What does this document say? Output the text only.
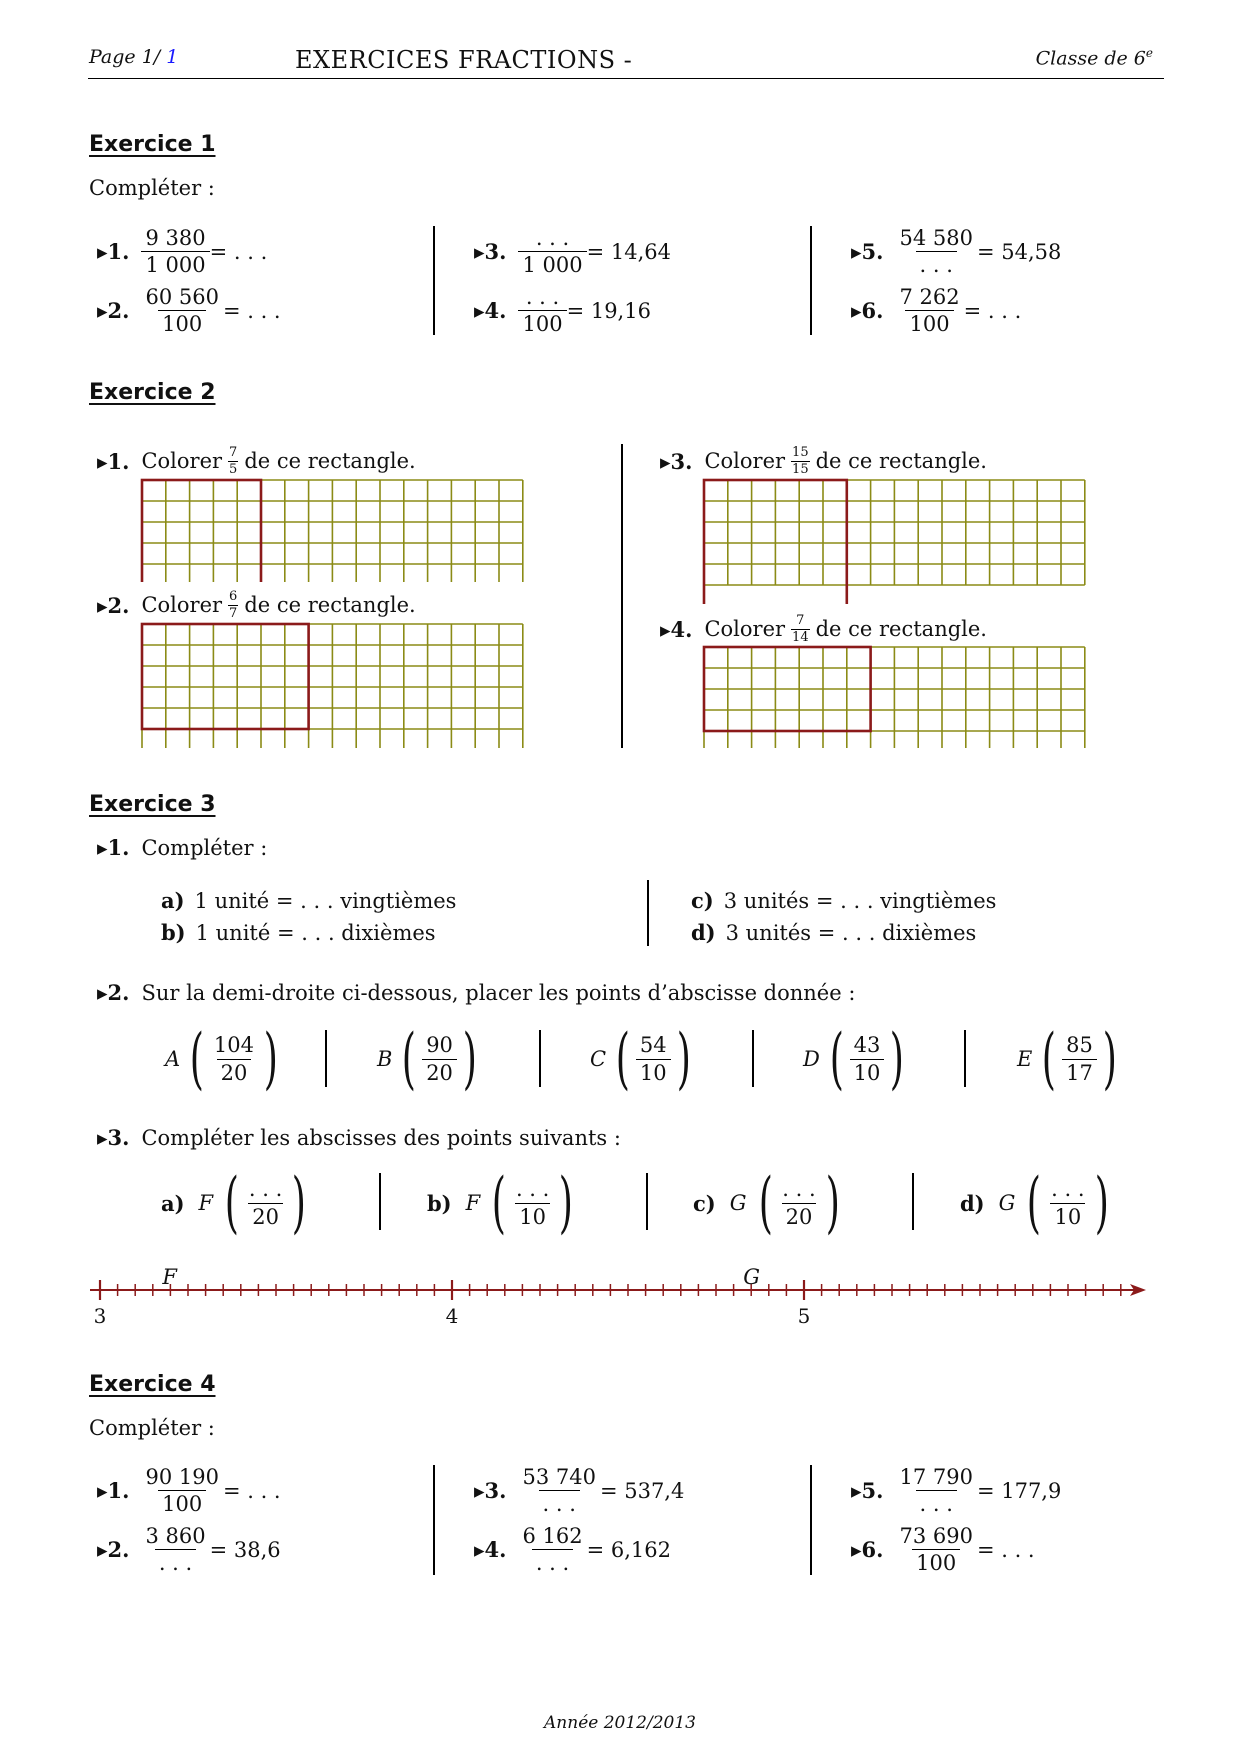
Page 1/ 1	EXERCICES FRACTIONS -	Classe de 6e
Exercice 1
Compléter :
▸1. $\frac{9 380}{1 000}$ = . . .
▸2. $\frac{60 560}{100}$ = . . .
▸3. $\frac{. . .}{1 000} = 14,64$
▸4. $\frac{. . .}{100} = 19,16$
▸5. $\frac{54 580}{. . .} = 54,58$
▸6. $\frac{7 262}{100}$ = . . .
Exercice 2
▸1. Colorer $\frac{7}{5}$ de ce rectangle.
▸2. Colorer $\frac{6}{7}$ de ce rectangle.
▸3. Colorer $\frac{15}{15}$ de ce rectangle.
▸4. Colorer $\frac{7}{14}$ de ce rectangle.
Exercice 3
▸1. Compléter :
a) 1 unité = . . . vingtièmes
b) 1 unité = . . . dixièmes
c) 3 unités = . . . vingtièmes
d) 3 unités = . . . dixièmes
▸2. Sur la demi-droite ci-dessous, placer les points d’abscisse donnée :
A ( $\frac{104}{20}$ )	B ( $\frac{90}{20}$ )	C ( $\frac{54}{10}$ )	D ( $\frac{43}{10}$ )	E ( $\frac{85}{17}$ )
▸3. Compléter les abscisses des points suivants :
a) F ( $\frac{. . .}{20}$ )	b) F ( $\frac{. . .}{10}$ )	c) G ( $\frac{. . .}{20}$ )	d) G ( $\frac{. . .}{10}$ )
3	4	5
F	G
Exercice 4
Compléter :
▸1. $\frac{90 190}{100}$ = . . .
▸2. $\frac{3 860}{. . .} = 38,6$
▸3. $\frac{53 740}{. . .} = 537,4$
▸4. $\frac{6 162}{. . .} = 6,162$
▸5. $\frac{17 790}{. . .} = 177,9$
▸6. $\frac{73 690}{100}$ = . . .
Année 2012/2013
